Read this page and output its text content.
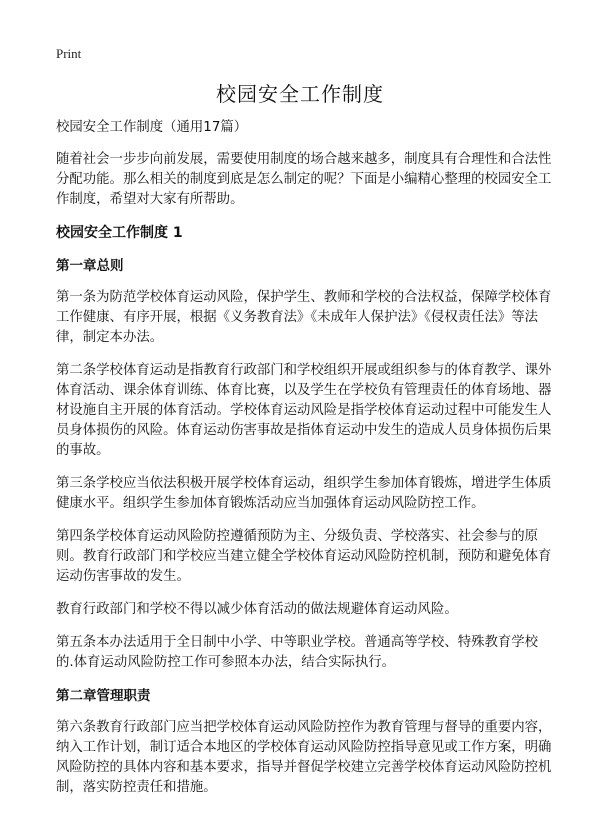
Print
校园安全工作制度

校园安全工作制度（通用17篇）

随着社会一步步向前发展，需要使用制度的场合越来越多，制度具有合理性和合法性分配功能。那么相关的制度到底是怎么制定的呢？下面是小编精心整理的校园安全工作制度，希望对大家有所帮助。

校园安全工作制度 1
第一章总则

第一条为防范学校体育运动风险，保护学生、教师和学校的合法权益，保障学校体育工作健康、有序开展，根据《义务教育法》《未成年人保护法》《侵权责任法》等法律，制定本办法。

第二条学校体育运动是指教育行政部门和学校组织开展或组织参与的体育教学、课外体育活动、课余体育训练、体育比赛，以及学生在学校负有管理责任的体育场地、器材设施自主开展的体育活动。学校体育运动风险是指学校体育运动过程中可能发生人员身体损伤的风险。体育运动伤害事故是指体育运动中发生的造成人员身体损伤后果的事故。

第三条学校应当依法积极开展学校体育运动，组织学生参加体育锻炼，增进学生体质健康水平。组织学生参加体育锻炼活动应当加强体育运动风险防控工作。

第四条学校体育运动风险防控遵循预防为主、分级负责、学校落实、社会参与的原则。教育行政部门和学校应当建立健全学校体育运动风险防控机制，预防和避免体育运动伤害事故的发生。

教育行政部门和学校不得以减少体育活动的做法规避体育运动风险。

第五条本办法适用于全日制中小学、中等职业学校。普通高等学校、特殊教育学校的.体育运动风险防控工作可参照本办法，结合实际执行。

第二章管理职责

第六条教育行政部门应当把学校体育运动风险防控作为教育管理与督导的重要内容，纳入工作计划，制订适合本地区的学校体育运动风险防控指导意见或工作方案，明确风险防控的具体内容和基本要求，指导并督促学校建立完善学校体育运动风险防控机制，落实防控责任和措施。
